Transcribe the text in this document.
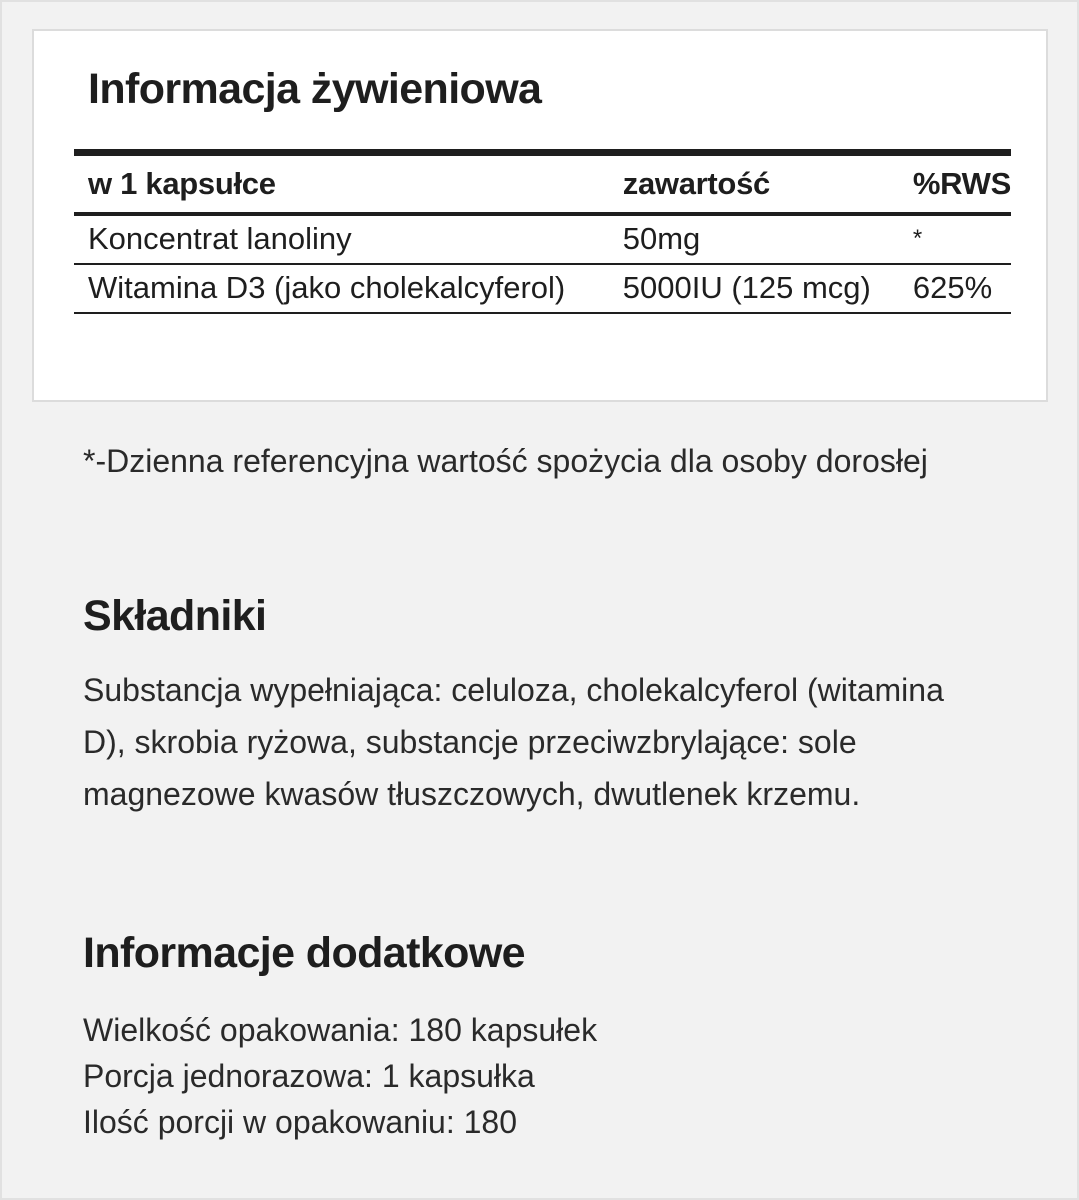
Informacja żywieniowa
w 1 kapsułce	zawartość	%RWS
Koncentrat lanoliny	50mg	*
Witamina D3 (jako cholekalcyferol)	5000IU (125 mcg)	625%

*-Dzienna referencyjna wartość spożycia dla osoby dorosłej

Składniki

Substancja wypełniająca: celuloza, cholekalcyferol (witamina D), skrobia ryżowa, substancje przeciwzbrylające: sole magnezowe kwasów tłuszczowych, dwutlenek krzemu.

Informacje dodatkowe
Wielkość opakowania: 180 kapsułek
Porcja jednorazowa: 1 kapsułka
Ilość porcji w opakowaniu: 180
